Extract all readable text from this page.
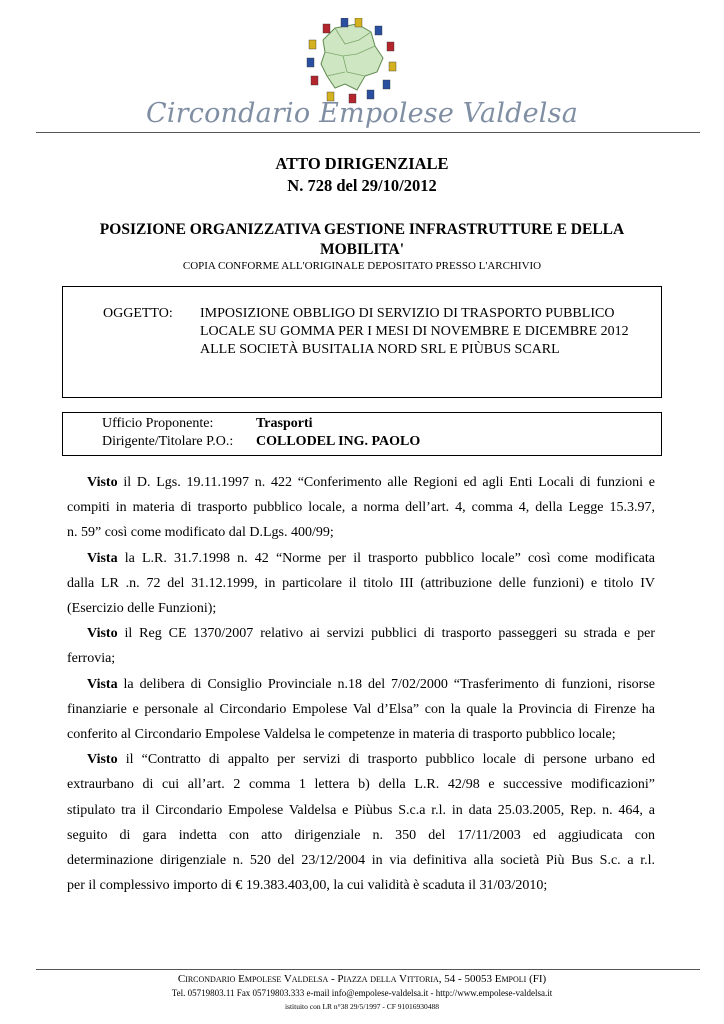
Circondario Empolese Valdelsa
ATTO DIRIGENZIALE
N. 728 del 29/10/2012
POSIZIONE ORGANIZZATIVA GESTIONE INFRASTRUTTURE E DELLA MOBILITA'
COPIA CONFORME ALL'ORIGINALE DEPOSITATO PRESSO L'ARCHIVIO
OGGETTO: IMPOSIZIONE OBBLIGO DI SERVIZIO DI TRASPORTO PUBBLICO
LOCALE SU GOMMA PER I MESI DI NOVEMBRE E DICEMBRE 2012
ALLE SOCIETÀ BUSITALIA NORD SRL E PIÙBUS SCARL
Ufficio Proponente:	Trasporti
Dirigente/Titolare P.O.: COLLODEL ING. PAOLO

Visto il D. Lgs. 19.11.1997 n. 422 “Conferimento alle Regioni ed agli Enti Locali di funzioni e
compiti in materia di trasporto pubblico locale, a norma dell’art. 4, comma 4, della Legge 15.3.97,
n. 59” così come modificato dal D.Lgs. 400/99;

Vista la L.R. 31.7.1998 n. 42 “Norme per il trasporto pubblico locale” così come modificata
dalla LR .n. 72 del 31.12.1999, in particolare il titolo III (attribuzione delle funzioni) e titolo IV
(Esercizio delle Funzioni);

Visto il Reg CE 1370/2007 relativo ai servizi pubblici di trasporto passeggeri su strada e per
ferrovia;

Vista la delibera di Consiglio Provinciale n.18 del 7/02/2000 “Trasferimento di funzioni, risorse
finanziarie e personale al Circondario Empolese Val d’Elsa” con la quale la Provincia di Firenze ha
conferito al Circondario Empolese Valdelsa le competenze in materia di trasporto pubblico locale;

Visto il “Contratto di appalto per servizi di trasporto pubblico locale di persone urbano ed
extraurbano di cui all’art. 2 comma 1 lettera b) della L.R. 42/98 e successive modificazioni”
stipulato tra il Circondario Empolese Valdelsa e Piùbus S.c.a r.l. in data 25.03.2005, Rep. n. 464, a
seguito di gara indetta con atto dirigenziale n. 350 del 17/11/2003 ed aggiudicata con
determinazione dirigenziale n. 520 del 23/12/2004 in via definitiva alla società Più Bus S.c. a r.l.
per il complessivo importo di € 19.383.403,00, la cui validità è scaduta il 31/03/2010;

Circondario Empolese Valdelsa - Piazza della Vittoria, 54 - 50053 Empoli (FI)
Tel. 05719803.11 Fax 05719803.333 e-mail info@empolese-valdelsa.it - http://www.empolese-valdelsa.it
istituito con LR n°38 29/5/1997 - CF 91016930488
